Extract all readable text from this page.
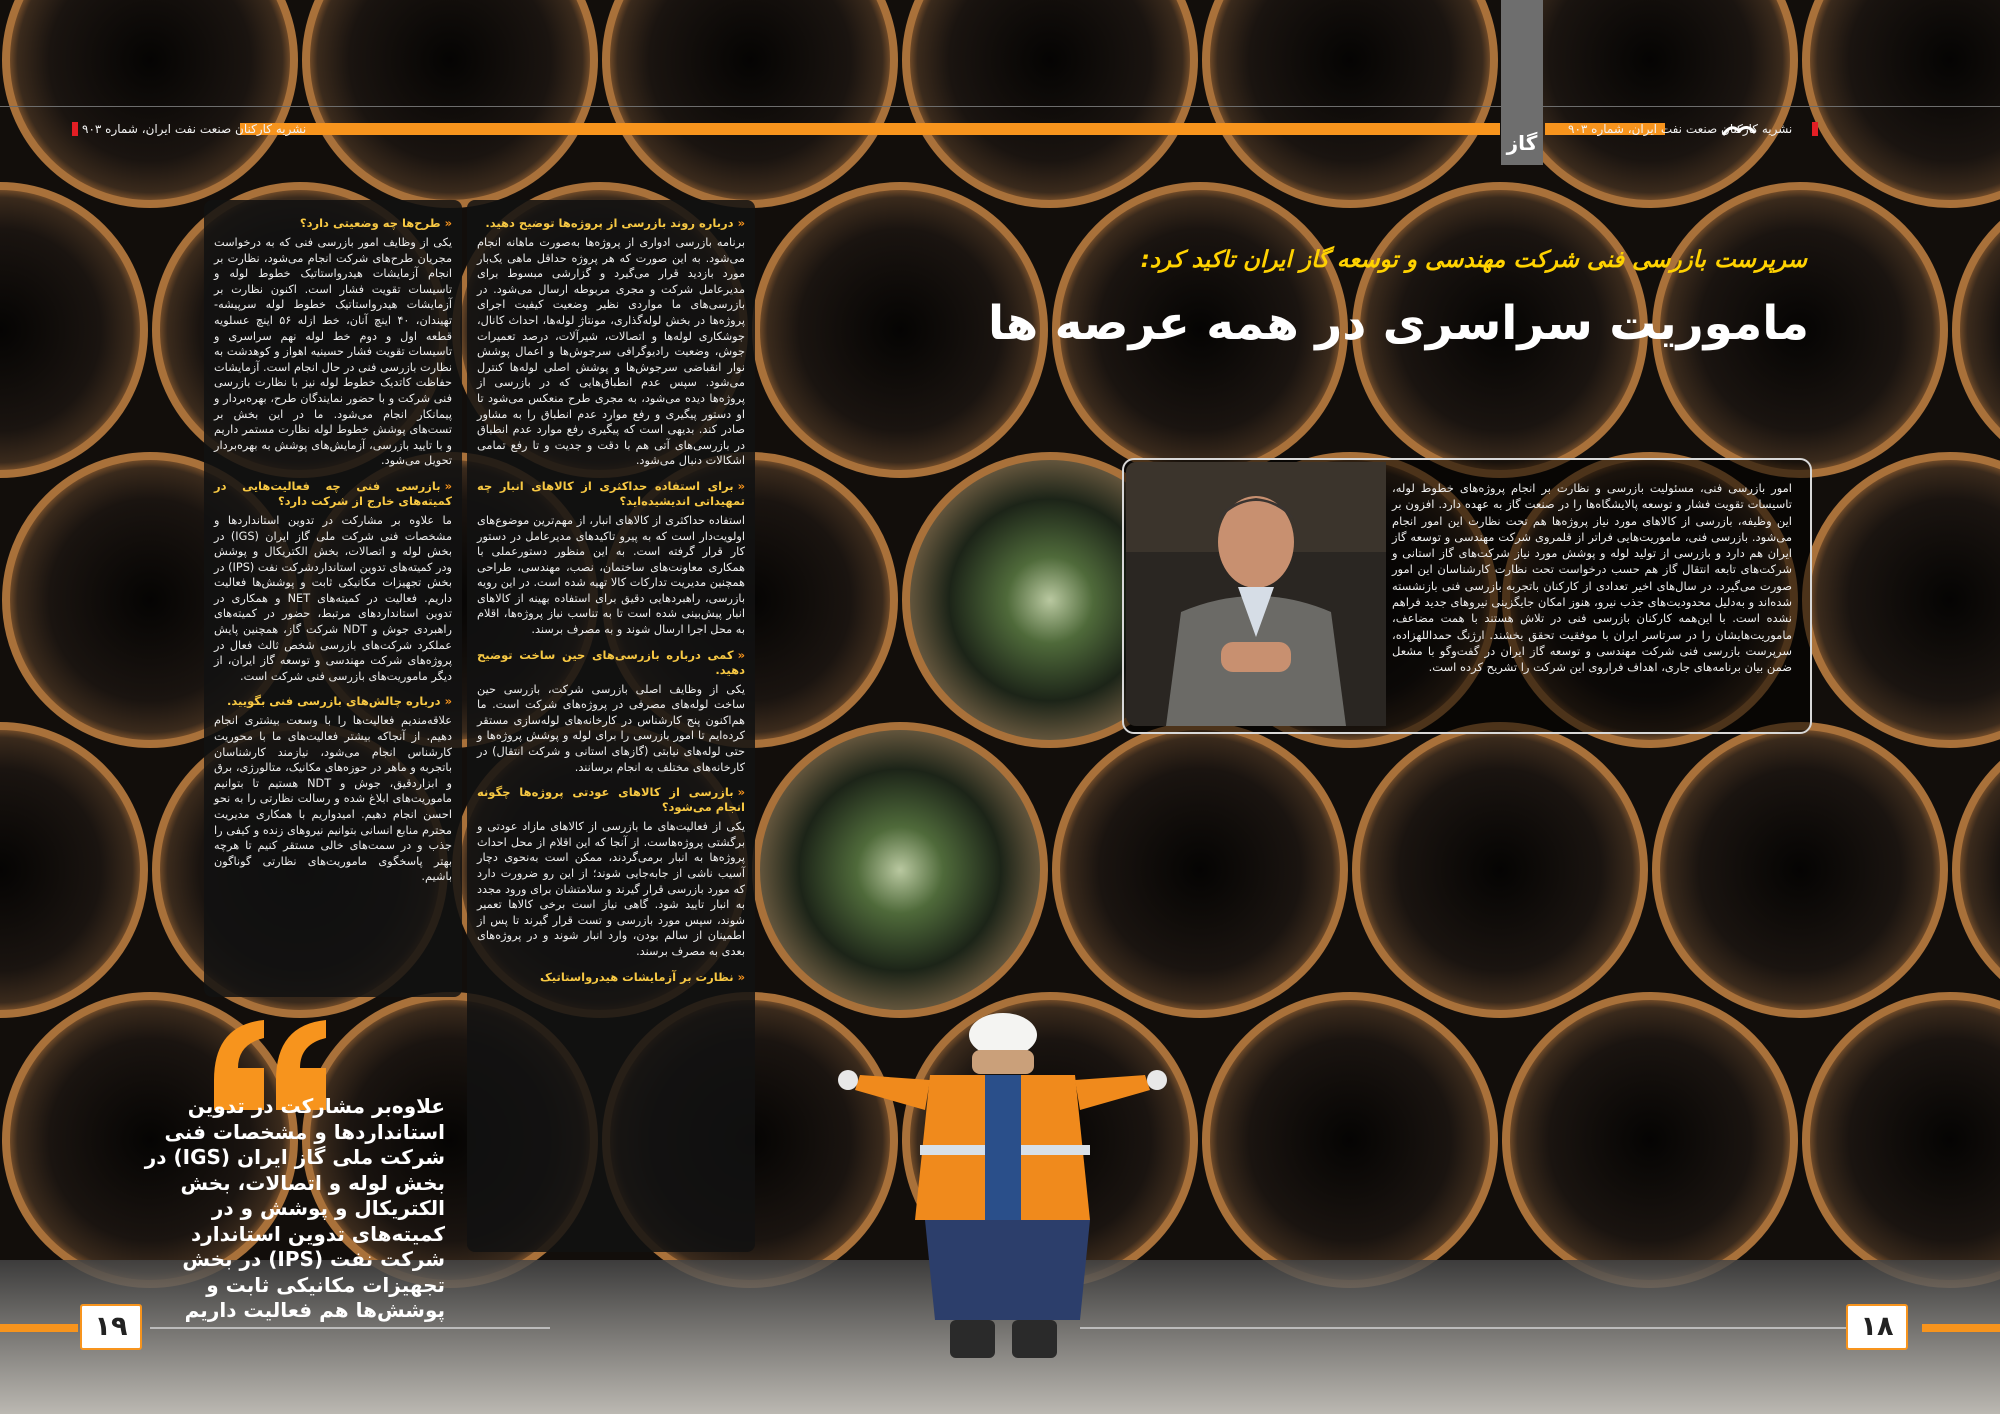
نشریه کارکنان صنعت نفت ایران، شماره ۹۰۳	نشریه کارکنان صنعت نفت ایران، شماره ۹۰۳
گاز
سرپرست بازرسی فنی شرکت مهندسی و توسعه گاز ایران تاکید کرد:
ماموریت سراسری در همه عرصه ها
امور بازرسی فنی، مسئولیت بازرسی و نظارت بر انجام پروژه‌های خطوط لوله، تاسیسات تقویت فشار و توسعه پالایشگاه‌ها را در صنعت گاز به عهده دارد. افزون بر این وظیفه، بازرسی از کالاهای مورد نیاز پروژه‌ها هم تحت نظارت این امور انجام می‌شود. بازرسی فنی، ماموریت‌هایی فراتر از قلمروی شرکت مهندسی و توسعه گاز ایران هم دارد و بازرسی از تولید لوله و پوشش مورد نیاز شرکت‌های گاز استانی و شرکت‌های تابعه انتقال گاز هم حسب درخواست تحت نظارت کارشناسان این امور صورت می‌گیرد. در سال‌های اخیر تعدادی از کارکنان باتجربه بازرسی فنی بازنشسته شده‌اند و به‌دلیل محدودیت‌های جذب نیرو، هنوز امکان جایگزینی نیروهای جدید فراهم نشده است. با این‌همه کارکنان بازرسی فنی در تلاش هستند با همت مضاعف، ماموریت‌هایشان را در سرتاسر ایران با موفقیت تحقق بخشند. ارژنگ حمداللهزاده، سرپرست بازرسی فنی شرکت مهندسی و توسعه گاز ایران در گفت‌وگو با مشعل ضمن بیان برنامه‌های جاری، اهداف فراروی این شرکت را تشریح کرده است.
«درباره روند بازرسی از پروژه‌ها توضیح دهید.

برنامه بازرسی ادواری از پروژه‌ها به‌صورت ماهانه انجام می‌شود. به این صورت که هر پروژه حداقل ماهی یک‌بار مورد بازدید قرار می‌گیرد و گزارشی مبسوط برای مدیرعامل شرکت و مجری مربوطه ارسال می‌شود. در بازرسی‌های ما مواردی نظیر وضعیت کیفیت اجرای پروژه‌ها در بخش لوله‌گذاری، مونتاژ لوله‌ها، احداث کانال، جوشکاری لوله‌ها و اتصالات، شیرآلات، درصد تعمیرات جوش، وضعیت رادیوگرافی سرجوش‌ها و اعمال پوشش نوار انقباضی سرجوش‌ها و پوشش اصلی لوله‌ها کنترل می‌شود. سپس عدم انطباق‌هایی که در بازرسی از پروژه‌ها دیده می‌شود، به مجری طرح منعکس می‌شود تا او دستور پیگیری و رفع موارد عدم انطباق را به مشاور صادر کند. بدیهی است که پیگیری رفع موارد عدم انطباق در بازرسی‌های آتی هم با دقت و جدیت و تا رفع تمامی اشکالات دنبال می‌شود.

«برای استفاده حداکثری از کالاهای انبار چه تمهیداتی اندیشیده‌اید؟

استفاده حداکثری از کالاهای انبار، از مهم‌ترین موضوع‌های اولویت‌دار است که به پیرو تاکیدهای مدیرعامل در دستور کار قرار گرفته است. به این منظور دستورعملی با همکاری معاونت‌های ساختمان، نصب، مهندسی، طراحی همچنین مدیریت تدارکات کالا تهیه شده است. در این رویه بازرسی، راهبردهایی دقیق برای استفاده بهینه از کالاهای انبار پیش‌بینی شده است تا به تناسب نیاز پروژه‌ها، اقلام به محل اجرا ارسال شوند و به مصرف برسند.

«کمی درباره بازرسی‌های حین ساخت توضیح دهید.

یکی از وظایف اصلی بازرسی شرکت، بازرسی حین ساخت لوله‌های مصرفی در پروژه‌های شرکت است. ما هم‌اکنون پنج کارشناس در کارخانه‌های لوله‌سازی مستقر کرده‌ایم تا امور بازرسی را برای لوله و پوشش پروژه‌ها و حتی لوله‌های نیابتی (گازهای استانی و شرکت انتقال) در کارخانه‌های مختلف به انجام برسانند.

«بازرسی از کالاهای عودتی پروژه‌ها چگونه انجام می‌شود؟

یکی از فعالیت‌های ما بازرسی از کالاهای مازاد عودتی و برگشتی پروژه‌هاست. از آنجا که این اقلام از محل احداث پروژه‌ها به انبار برمی‌گردند، ممکن است به‌نحوی دچار آسیب ناشی از جابه‌جایی شوند؛ از این رو ضرورت دارد که مورد بازرسی قرار گیرند و سلامتشان برای ورود مجدد به انبار تایید شود. گاهی نیاز است برخی کالاها تعمیر شوند، سپس مورد بازرسی و تست قرار گیرند تا پس از اطمینان از سالم بودن، وارد انبار شوند و در پروژه‌های بعدی به مصرف برسند.

«نظارت بر آزمایشات هیدرواستاتیک
«طرح‌ها چه وضعیتی دارد؟

یکی از وظایف امور بازرسی فنی که به درخواست مجریان طرح‌های شرکت انجام می‌شود، نظارت بر انجام آزمایشات هیدرواستاتیک خطوط لوله و تاسیسات تقویت فشار است. اکنون نظارت بر آزمایشات هیدرواستاتیک خطوط لوله سرپیشه-تهیندان، ۴۰ اینچ آنان، خط ازله ۵۶ اینچ عسلویه قطعه اول و دوم خط لوله نهم سراسری و تاسیسات تقویت فشار حسینیه اهواز و کوهدشت به نظارت بازرسی فنی در حال انجام است. آزمایشات حفاظت کاتدیک خطوط لوله نیز با نظارت بازرسی فنی شرکت و با حضور نمایندگان طرح، بهره‌بردار و پیمانکار انجام می‌شود. ما در این بخش بر تست‌های پوشش خطوط لوله نظارت مستمر داریم و با تایید بازرسی، آزمایش‌های پوشش به بهره‌بردار تحویل می‌شود.

«بازرسی فنی چه فعالیت‌هایی در کمیته‌های خارج از شرکت دارد؟

ما علاوه بر مشارکت در تدوین استانداردها و مشخصات فنی شرکت ملی گاز ایران (IGS) در بخش لوله و اتصالات، بخش الکتریکال و پوشش ودر کمیته‌های تدوین استانداردشرکت نفت (IPS) در بخش تجهیزات مکانیکی ثابت و پوشش‌ها فعالیت داریم. فعالیت در کمیته‌های NET و همکاری در تدوین استانداردهای مرتبط، حضور در کمیته‌های راهبردی جوش و NDT شرکت گاز، همچنین پایش عملکرد شرکت‌های بازرسی شخص ثالث فعال در پروژه‌های شرکت مهندسی و توسعه گاز ایران، از دیگر ماموریت‌های بازرسی فنی شرکت است.

«درباره چالش‌های بازرسی فنی بگویید.

علاقه‌مندیم فعالیت‌ها را با وسعت بیشتری انجام دهیم. از آنجاکه بیشتر فعالیت‌های ما با محوریت کارشناس انجام می‌شود، نیازمند کارشناسان باتجربه و ماهر در حوزه‌های مکانیک، متالورژی، برق و ابزاردقیق، جوش و NDT هستیم تا بتوانیم ماموریت‌های ابلاغ شده و رسالت نظارتی را به نحو احسن انجام دهیم. امیدواریم با همکاری مدیریت محترم منابع انسانی بتوانیم نیروهای زنده و کیفی را جذب و در سمت‌های خالی مستقر کنیم تا هرچه بهتر پاسخگوی ماموریت‌های نظارتی گوناگون باشیم.

علاوه‌بر مشارکت در تدوین استانداردها و مشخصات فنی شرکت ملی گاز ایران (IGS) در بخش لوله و اتصالات، بخش الکتریکال و پوشش و در کمیته‌های تدوین استاندارد شرکت نفت (IPS) در بخش تجهیزات مکانیکی ثابت و پوشش‌ها هم فعالیت داریم
۱۹	۱۸
